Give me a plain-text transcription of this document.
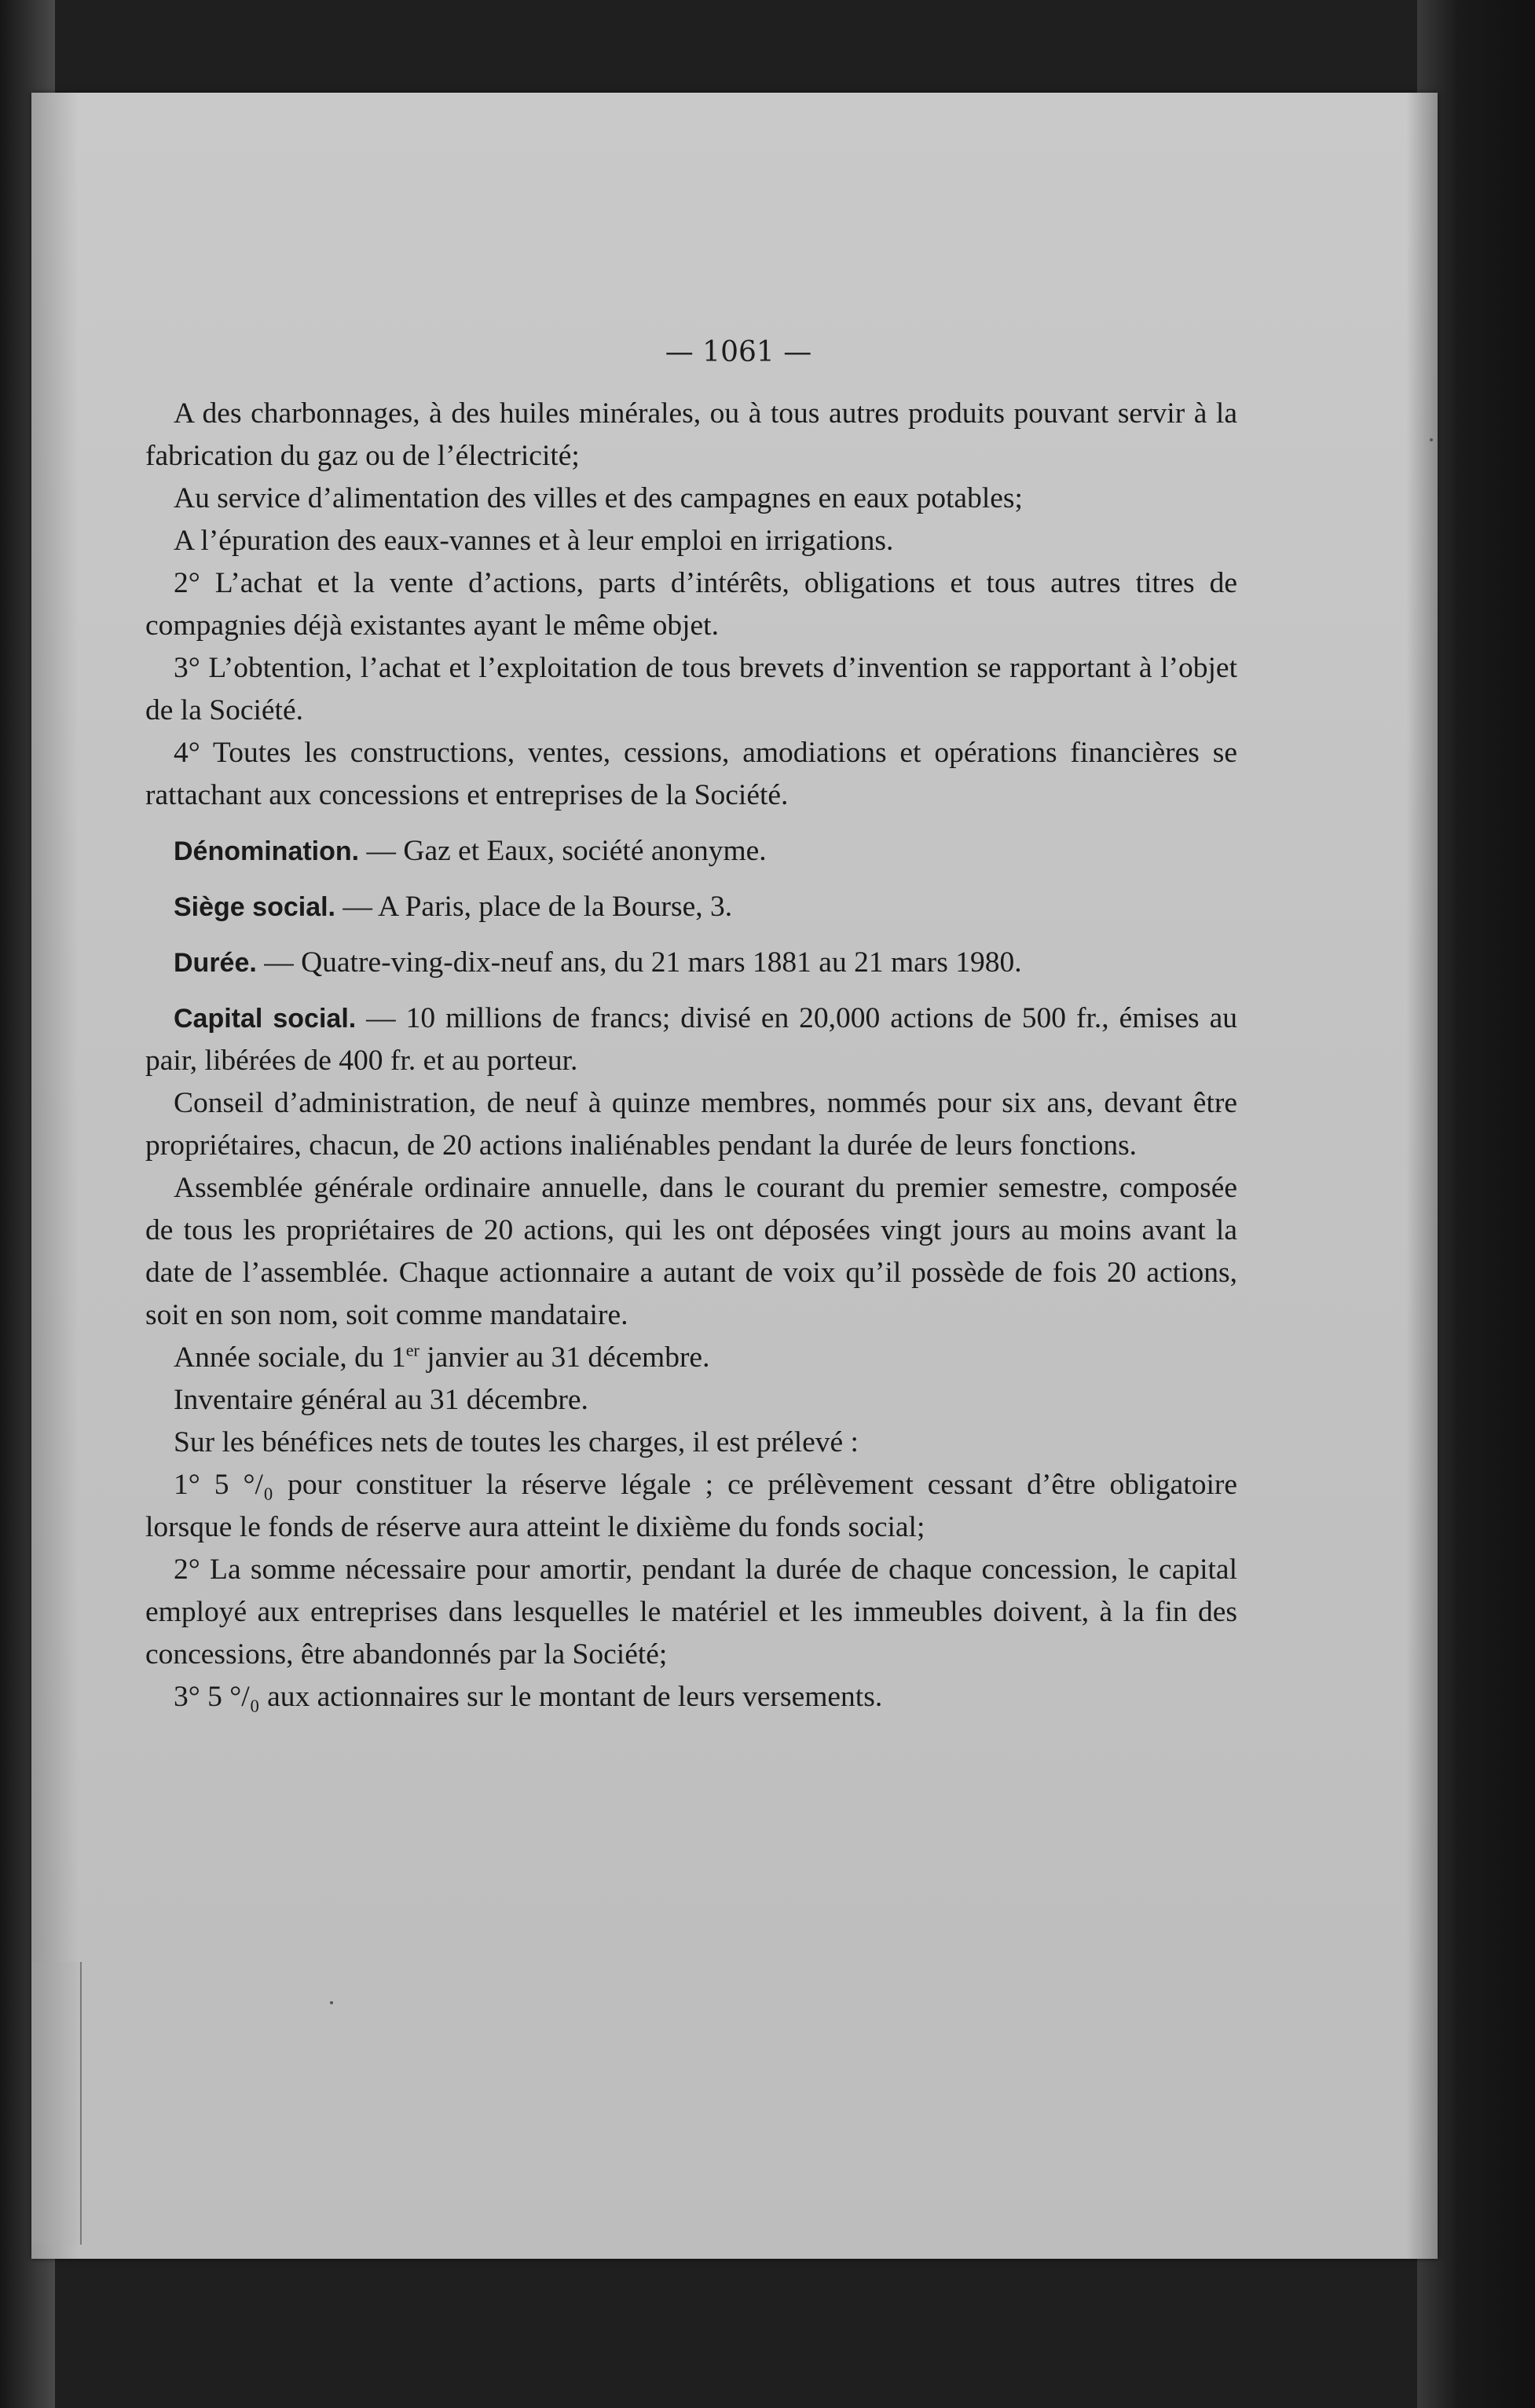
— 1061 —

A des charbonnages, à des huiles minérales, ou à tous autres produits pouvant servir à la fabrication du gaz ou de l’électricité;

Au service d’alimentation des villes et des campagnes en eaux potables;

A l’épuration des eaux-vannes et à leur emploi en irrigations.

2° L’achat et la vente d’actions, parts d’intérêts, obligations et tous autres titres de compagnies déjà existantes ayant le même objet.

3° L’obtention, l’achat et l’exploitation de tous brevets d’invention se rapportant à l’objet de la Société.

4° Toutes les constructions, ventes, cessions, amodiations et opérations financières se rattachant aux concessions et entreprises de la Société.

Dénomination. — Gaz et Eaux, société anonyme.

Siège social. — A Paris, place de la Bourse, 3.

Durée. — Quatre-ving-dix-neuf ans, du 21 mars 1881 au 21 mars 1980.

Capital social. — 10 millions de francs; divisé en 20,000 actions de 500 fr., émises au pair, libérées de 400 fr. et au porteur.

Conseil d’administration, de neuf à quinze membres, nommés pour six ans, devant être propriétaires, chacun, de 20 actions inaliénables pendant la durée de leurs fonctions.

Assemblée générale ordinaire annuelle, dans le courant du premier semestre, composée de tous les propriétaires de 20 actions, qui les ont déposées vingt jours au moins avant la date de l’assemblée. Chaque actionnaire a autant de voix qu’il possède de fois 20 actions, soit en son nom, soit comme mandataire.

Année sociale, du 1er janvier au 31 décembre.

Inventaire général au 31 décembre.

Sur les bénéfices nets de toutes les charges, il est prélevé :

1° 5 °/₀ pour constituer la réserve légale ; ce prélèvement cessant d’être obligatoire lorsque le fonds de réserve aura atteint le dixième du fonds social;

2° La somme nécessaire pour amortir, pendant la durée de chaque concession, le capital employé aux entreprises dans lesquelles le matériel et les immeubles doivent, à la fin des concessions, être abandonnés par la Société;

3° 5 °/₀ aux actionnaires sur le montant de leurs versements.
